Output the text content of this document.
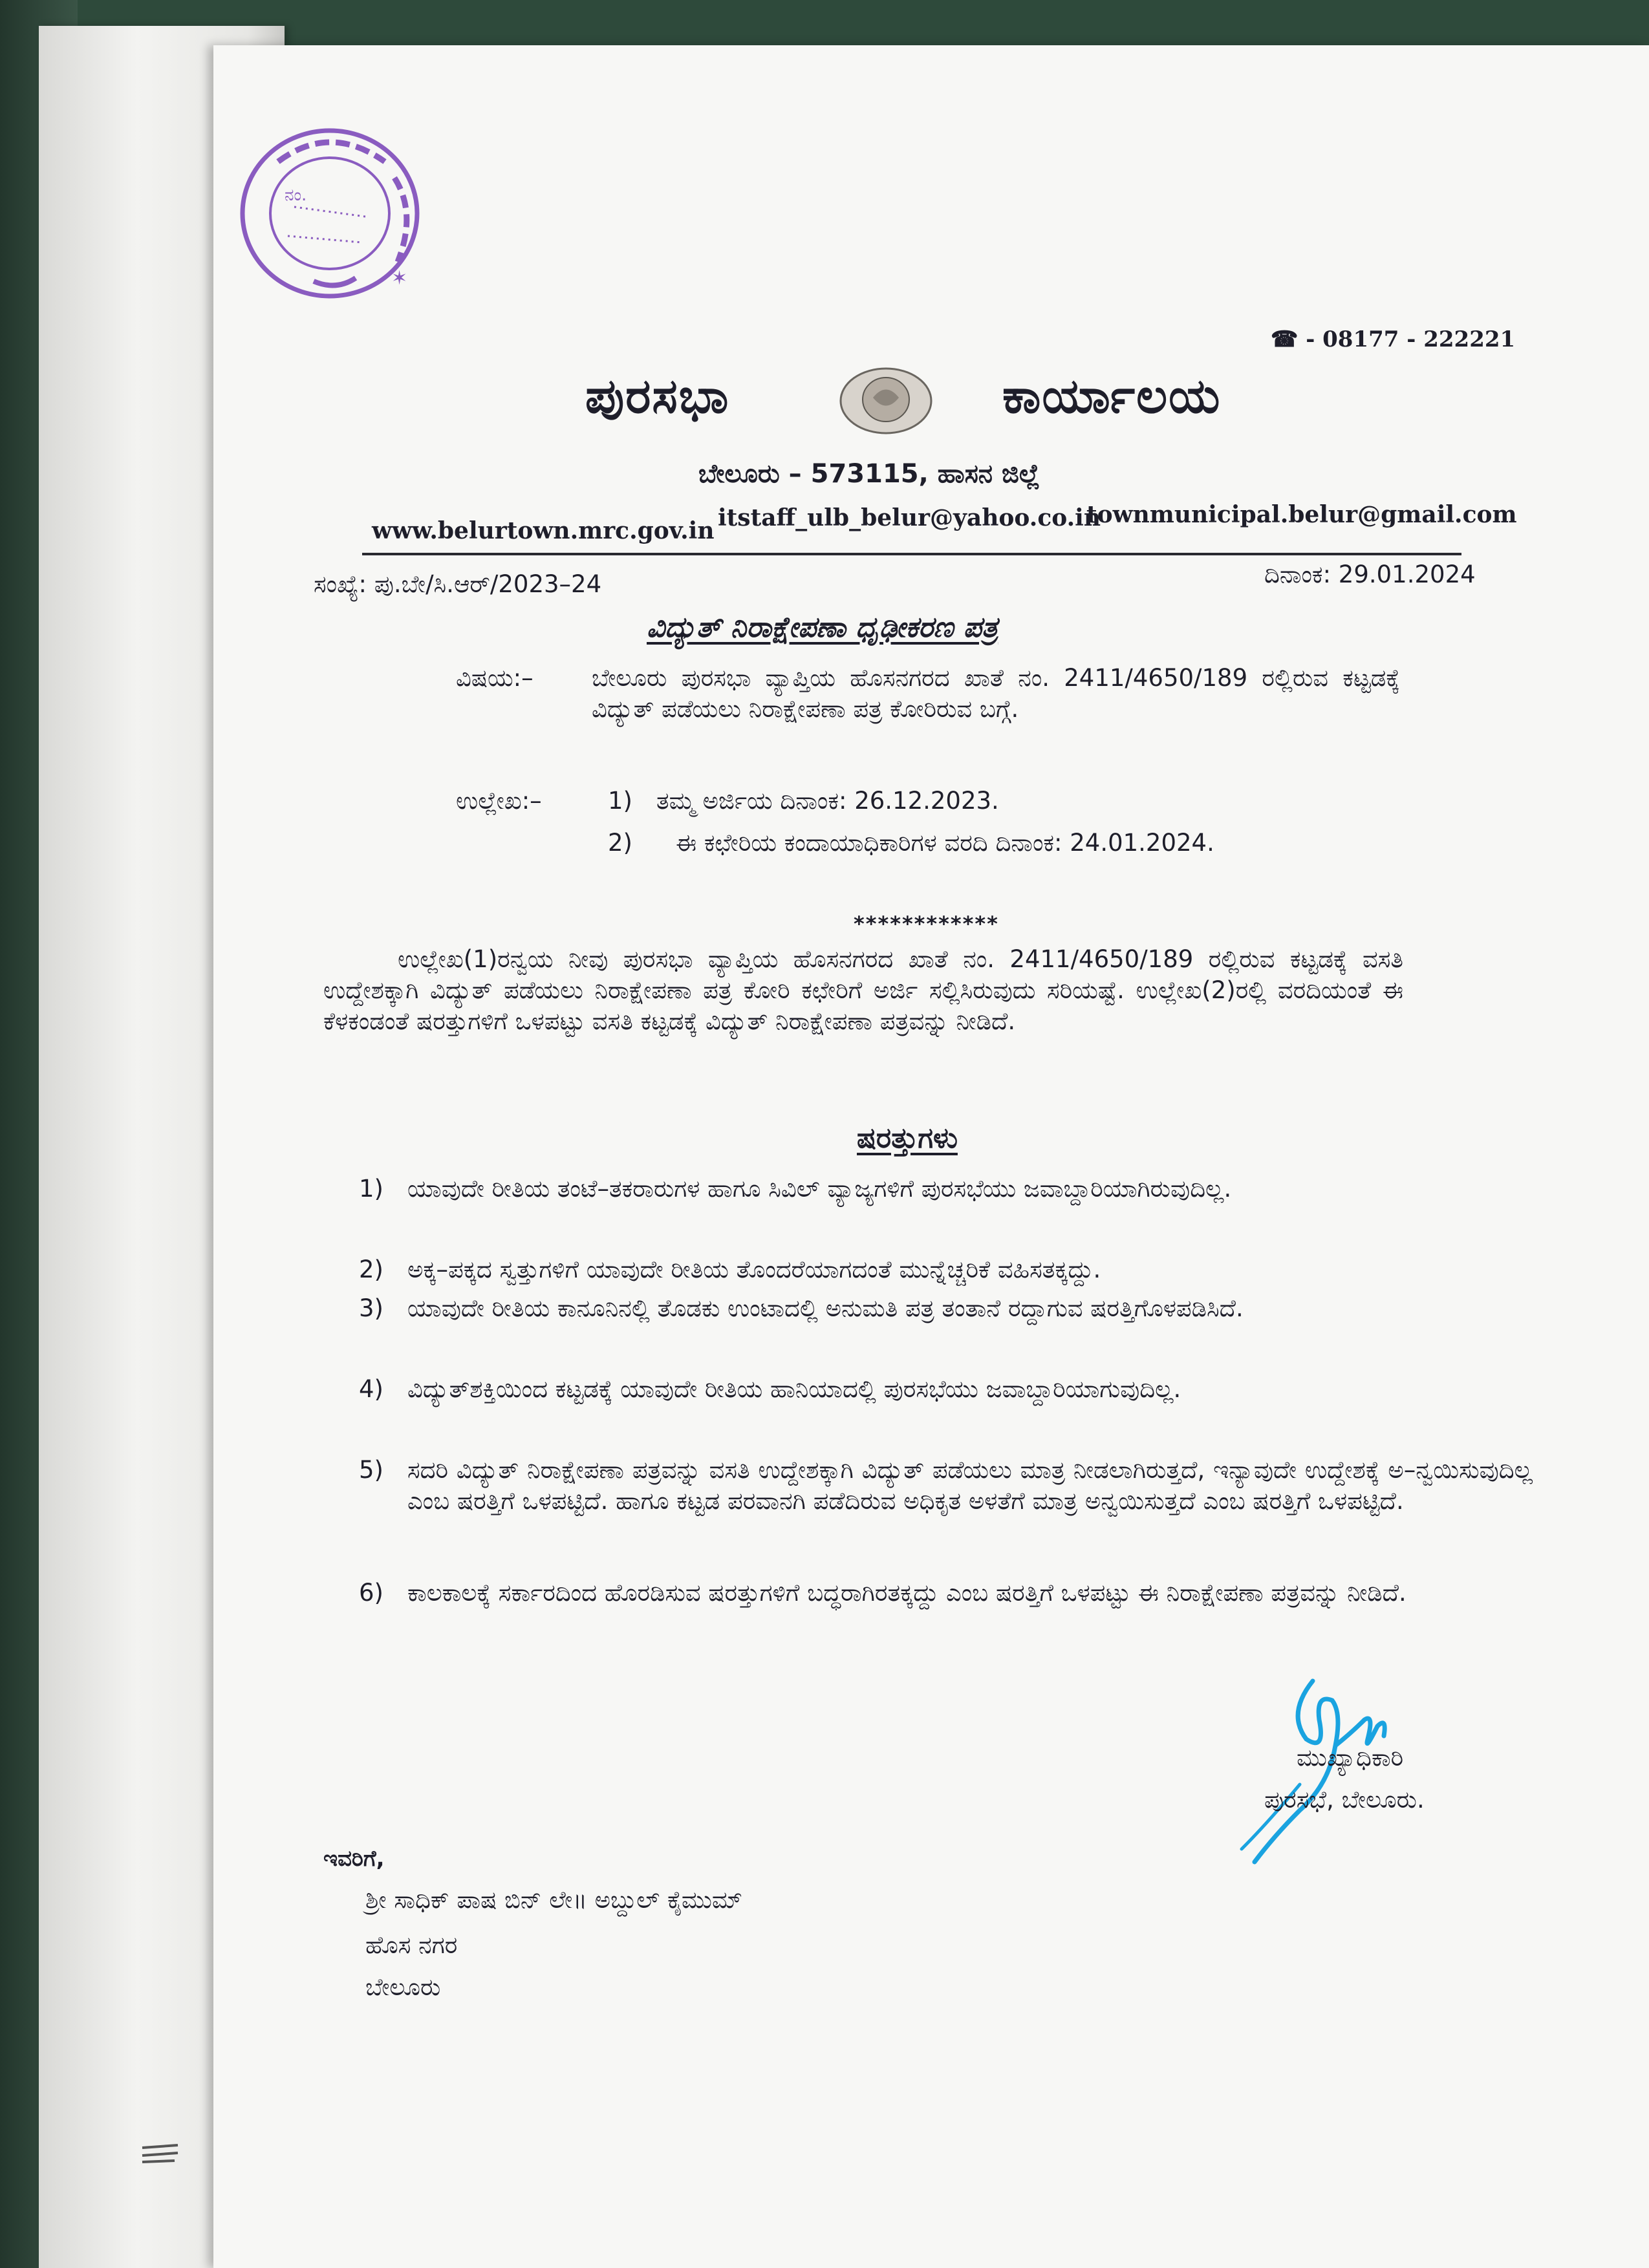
ನಂ.
✶
☎ - 08177 - 222221
ಪುರಸಭಾ	ಕಾರ್ಯಾಲಯ
ಬೇಲೂರು – 573115, ಹಾಸನ ಜಿಲ್ಲೆ
www.belurtown.mrc.gov.in itstaff_ulb_belur@yahoo.co.in
townmunicipal.belur@gmail.com
ಸಂಖ್ಯೆ: ಪು.ಬೇ/ಸಿ.ಆರ್/2023–24	ದಿನಾಂಕ: 29.01.2024
ವಿದ್ಯುತ್ ನಿರಾಕ್ಷೇಪಣಾ ಧೃಢೀಕರಣ ಪತ್ರ
ವಿಷಯ:– ಬೇಲೂರು ಪುರಸಭಾ ವ್ಯಾಪ್ತಿಯ ಹೊಸನಗರದ ಖಾತೆ ನಂ. 2411/4650/189 ರಲ್ಲಿರುವ ಕಟ್ಟಡಕ್ಕೆ ವಿದ್ಯುತ್ ಪಡೆಯಲು ನಿರಾಕ್ಷೇಪಣಾ ಪತ್ರ ಕೋರಿರುವ ಬಗ್ಗೆ.
ಉಲ್ಲೇಖ:–	1) ತಮ್ಮ ಅರ್ಜಿಯ ದಿನಾಂಕ: 26.12.2023.
2) ಈ ಕಛೇರಿಯ ಕಂದಾಯಾಧಿಕಾರಿಗಳ ವರದಿ ದಿನಾಂಕ: 24.01.2024.
************
ಉಲ್ಲೇಖ(1)ರನ್ವಯ ನೀವು ಪುರಸಭಾ ವ್ಯಾಪ್ತಿಯ ಹೊಸನಗರದ ಖಾತೆ ನಂ. 2411/4650/189 ರಲ್ಲಿರುವ ಕಟ್ಟಡಕ್ಕೆ ವಸತಿ ಉದ್ದೇಶಕ್ಕಾಗಿ ವಿದ್ಯುತ್ ಪಡೆಯಲು ನಿರಾಕ್ಷೇಪಣಾ ಪತ್ರ ಕೋರಿ ಕಛೇರಿಗೆ ಅರ್ಜಿ ಸಲ್ಲಿಸಿರುವುದು ಸರಿಯಷ್ಟೆ. ಉಲ್ಲೇಖ(2)ರಲ್ಲಿ ವರದಿಯಂತೆ ಈ ಕೆಳಕಂಡಂತೆ ಷರತ್ತುಗಳಿಗೆ ಒಳಪಟ್ಟು ವಸತಿ ಕಟ್ಟಡಕ್ಕೆ ವಿದ್ಯುತ್ ನಿರಾಕ್ಷೇಪಣಾ ಪತ್ರವನ್ನು ನೀಡಿದೆ.
ಷರತ್ತುಗಳು
1) ಯಾವುದೇ ರೀತಿಯ ತಂಟೆ–ತಕರಾರುಗಳ ಹಾಗೂ ಸಿವಿಲ್ ವ್ಯಾಜ್ಯಗಳಿಗೆ ಪುರಸಭೆಯು ಜವಾಬ್ದಾರಿಯಾಗಿರುವುದಿಲ್ಲ.
2) ಅಕ್ಕ–ಪಕ್ಕದ ಸ್ವತ್ತುಗಳಿಗೆ ಯಾವುದೇ ರೀತಿಯ ತೊಂದರೆಯಾಗದಂತೆ ಮುನ್ನೆಚ್ಚರಿಕೆ ವಹಿಸತಕ್ಕದ್ದು.
3) ಯಾವುದೇ ರೀತಿಯ ಕಾನೂನಿನಲ್ಲಿ ತೊಡಕು ಉಂಟಾದಲ್ಲಿ ಅನುಮತಿ ಪತ್ರ ತಂತಾನೆ ರದ್ದಾಗುವ ಷರತ್ತಿಗೊಳಪಡಿಸಿದೆ.
4) ವಿದ್ಯುತ್‌ಶಕ್ತಿಯಿಂದ ಕಟ್ಟಡಕ್ಕೆ ಯಾವುದೇ ರೀತಿಯ ಹಾನಿಯಾದಲ್ಲಿ ಪುರಸಭೆಯು ಜವಾಬ್ದಾರಿಯಾಗುವುದಿಲ್ಲ.
5) ಸದರಿ ವಿದ್ಯುತ್ ನಿರಾಕ್ಷೇಪಣಾ ಪತ್ರವನ್ನು ವಸತಿ ಉದ್ದೇಶಕ್ಕಾಗಿ ವಿದ್ಯುತ್ ಪಡೆಯಲು ಮಾತ್ರ ನೀಡಲಾಗಿರುತ್ತದೆ, ಇನ್ಯಾವುದೇ ಉದ್ದೇಶಕ್ಕೆ ಅ–ನ್ವಯಿಸುವುದಿಲ್ಲ ಎಂಬ ಷರತ್ತಿಗೆ ಒಳಪಟ್ಟಿದೆ. ಹಾಗೂ ಕಟ್ಟಡ ಪರವಾನಗಿ ಪಡೆದಿರುವ ಅಧಿಕೃತ ಅಳತೆಗೆ ಮಾತ್ರ ಅನ್ವಯಿಸುತ್ತದೆ ಎಂಬ ಷರತ್ತಿಗೆ ಒಳಪಟ್ಟಿದೆ.
6) ಕಾಲಕಾಲಕ್ಕೆ ಸರ್ಕಾರದಿಂದ ಹೊರಡಿಸುವ ಷರತ್ತುಗಳಿಗೆ ಬದ್ಧರಾಗಿರತಕ್ಕದ್ದು ಎಂಬ ಷರತ್ತಿಗೆ ಒಳಪಟ್ಟು ಈ ನಿರಾಕ್ಷೇಪಣಾ ಪತ್ರವನ್ನು ನೀಡಿದೆ.
ಮುಖ್ಯಾಧಿಕಾರಿ
ಪುರಸಭೆ, ಬೇಲೂರು.
ಇವರಿಗೆ,
ಶ್ರೀ ಸಾಧಿಕ್ ಪಾಷ ಬಿನ್ ಲೇ॥ ಅಬ್ದುಲ್ ಕೈಮುಮ್
ಹೊಸ ನಗರ
ಬೇಲೂರು
